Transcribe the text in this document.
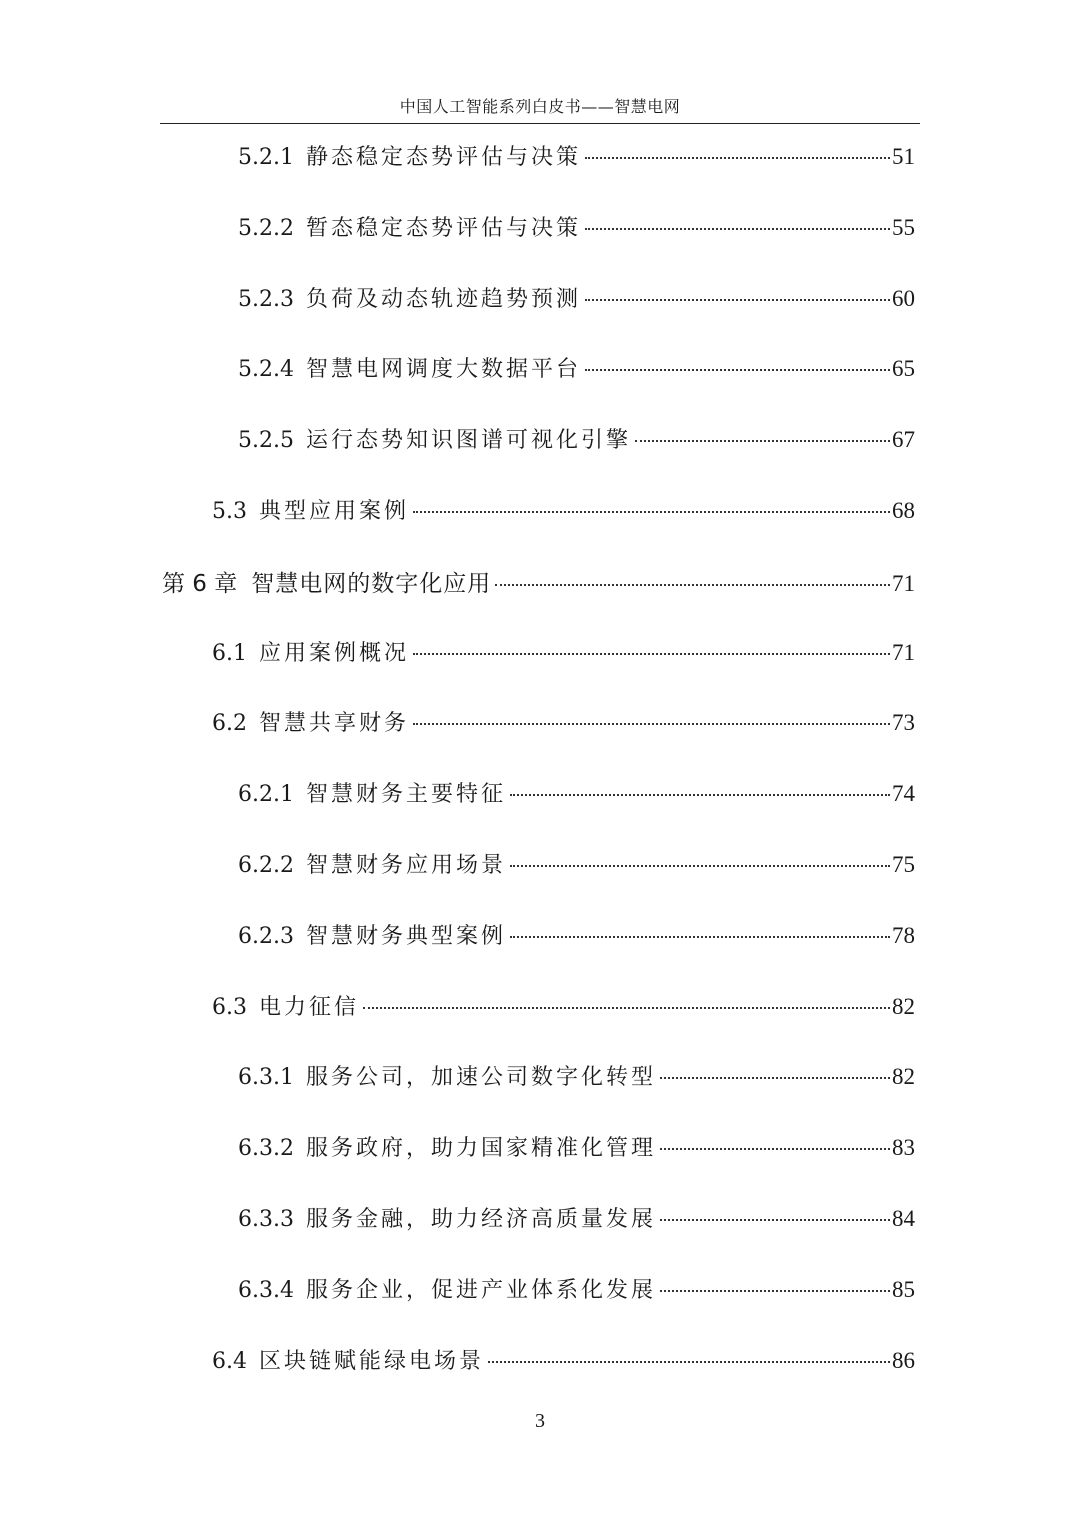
中国人工智能系列白皮书——智慧电网
5.2.1 静态稳定态势评估与决策	51
5.2.2 暂态稳定态势评估与决策	55
5.2.3 负荷及动态轨迹趋势预测	60
5.2.4 智慧电网调度大数据平台	65
5.2.5 运行态势知识图谱可视化引擎	67
5.3 典型应用案例	68
第 6 章 智慧电网的数字化应用	71
6.1 应用案例概况	71
6.2 智慧共享财务	73
6.2.1 智慧财务主要特征	74
6.2.2 智慧财务应用场景	75
6.2.3 智慧财务典型案例	78
6.3 电力征信	82
6.3.1 服务公司，加速公司数字化转型	82
6.3.2 服务政府，助力国家精准化管理	83
6.3.3 服务金融，助力经济高质量发展	84
6.3.4 服务企业，促进产业体系化发展	85
6.4 区块链赋能绿电场景	86
3
